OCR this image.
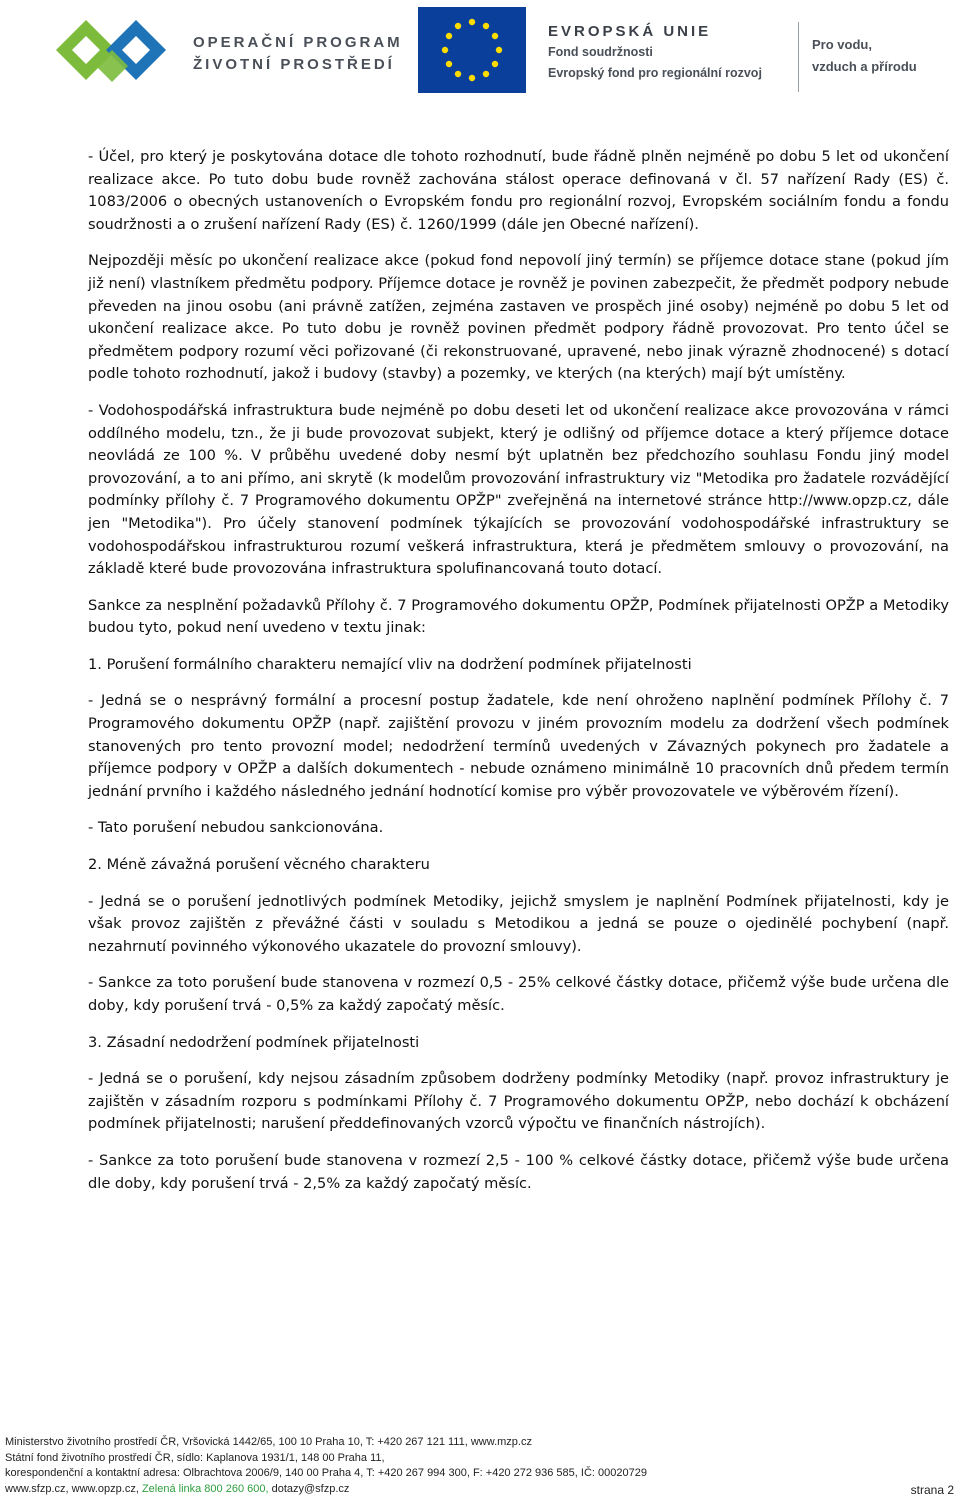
OPERAČNÍ PROGRAM
ŽIVOTNÍ PROSTŘEDÍ
EVROPSKÁ UNIE
Fond soudržnosti
Evropský fond pro regionální rozvoj
Pro vodu,
vzduch a přírodu

- Účel, pro který je poskytována dotace dle tohoto rozhodnutí, bude řádně plněn nejméně po dobu 5 let od ukončení realizace akce. Po tuto dobu bude rovněž zachována stálost operace definovaná v čl. 57 nařízení Rady (ES) č. 1083/2006 o obecných ustanoveních o Evropském fondu pro regionální rozvoj, Evropském sociálním fondu a fondu soudržnosti a o zrušení nařízení Rady (ES) č. 1260/1999 (dále jen Obecné nařízení).

Nejpozději měsíc po ukončení realizace akce (pokud fond nepovolí jiný termín) se příjemce dotace stane (pokud jím již není) vlastníkem předmětu podpory. Příjemce dotace je rovněž je povinen zabezpečit, že předmět podpory nebude převeden na jinou osobu (ani právně zatížen, zejména zastaven ve prospěch jiné osoby) nejméně po dobu 5 let od ukončení realizace akce. Po tuto dobu je rovněž povinen předmět podpory řádně provozovat. Pro tento účel se předmětem podpory rozumí věci pořizované (či rekonstruované, upravené, nebo jinak výrazně zhodnocené) s dotací podle tohoto rozhodnutí, jakož i budovy (stavby) a pozemky, ve kterých (na kterých) mají být umístěny.

- Vodohospodářská infrastruktura bude nejméně po dobu deseti let od ukončení realizace akce provozována v rámci oddílného modelu, tzn., že ji bude provozovat subjekt, který je odlišný od příjemce dotace a který příjemce dotace neovládá ze 100 %. V průběhu uvedené doby nesmí být uplatněn bez předchozího souhlasu Fondu jiný model provozování, a to ani přímo, ani skrytě (k modelům provozování infrastruktury viz "Metodika pro žadatele rozvádějící podmínky přílohy č. 7 Programového dokumentu OPŽP" zveřejněná na internetové stránce http://www.opzp.cz, dále jen "Metodika"). Pro účely stanovení podmínek týkajících se provozování vodohospodářské infrastruktury se vodohospodářskou infrastrukturou rozumí veškerá infrastruktura, která je předmětem smlouvy o provozování, na základě které bude provozována infrastruktura spolufinancovaná touto dotací.

Sankce za nesplnění požadavků Přílohy č. 7 Programového dokumentu OPŽP, Podmínek přijatelnosti OPŽP a Metodiky budou tyto, pokud není uvedeno v textu jinak:

1. Porušení formálního charakteru nemající vliv na dodržení podmínek přijatelnosti

- Jedná se o nesprávný formální a procesní postup žadatele, kde není ohroženo naplnění podmínek Přílohy č. 7 Programového dokumentu OPŽP (např. zajištění provozu v jiném provozním modelu za dodržení všech podmínek stanovených pro tento provozní model; nedodržení termínů uvedených v Závazných pokynech pro žadatele a příjemce podpory v OPŽP a dalších dokumentech - nebude oznámeno minimálně 10 pracovních dnů předem termín jednání prvního i každého následného jednání hodnotící komise pro výběr provozovatele ve výběrovém řízení).

- Tato porušení nebudou sankcionována.

2. Méně závažná porušení věcného charakteru

- Jedná se o porušení jednotlivých podmínek Metodiky, jejichž smyslem je naplnění Podmínek přijatelnosti, kdy je však provoz zajištěn z převážné části v souladu s Metodikou a jedná se pouze o ojedinělé pochybení (např. nezahrnutí povinného výkonového ukazatele do provozní smlouvy).

- Sankce za toto porušení bude stanovena v rozmezí 0,5 - 25% celkové částky dotace, přičemž výše bude určena dle doby, kdy porušení trvá - 0,5% za každý započatý měsíc.

3. Zásadní nedodržení podmínek přijatelnosti

- Jedná se o porušení, kdy nejsou zásadním způsobem dodrženy podmínky Metodiky (např. provoz infrastruktury je zajištěn v zásadním rozporu s podmínkami Přílohy č. 7 Programového dokumentu OPŽP, nebo dochází k obcházení podmínek přijatelnosti; narušení předdefinovaných vzorců výpočtu ve finančních nástrojích).

- Sankce za toto porušení bude stanovena v rozmezí 2,5 - 100 % celkové částky dotace, přičemž výše bude určena dle doby, kdy porušení trvá - 2,5% za každý započatý měsíc.

Ministerstvo životního prostředí ČR, Vršovická 1442/65, 100 10 Praha 10, T: +420 267 121 111, www.mzp.cz
Státní fond životního prostředí ČR, sídlo: Kaplanova 1931/1, 148 00 Praha 11,
korespondenční a kontaktní adresa: Olbrachtova 2006/9, 140 00 Praha 4, T: +420 267 994 300, F: +420 272 936 585, IČ: 00020729
www.sfzp.cz, www.opzp.cz, Zelená linka 800 260 600, dotazy@sfzp.cz	strana 2
